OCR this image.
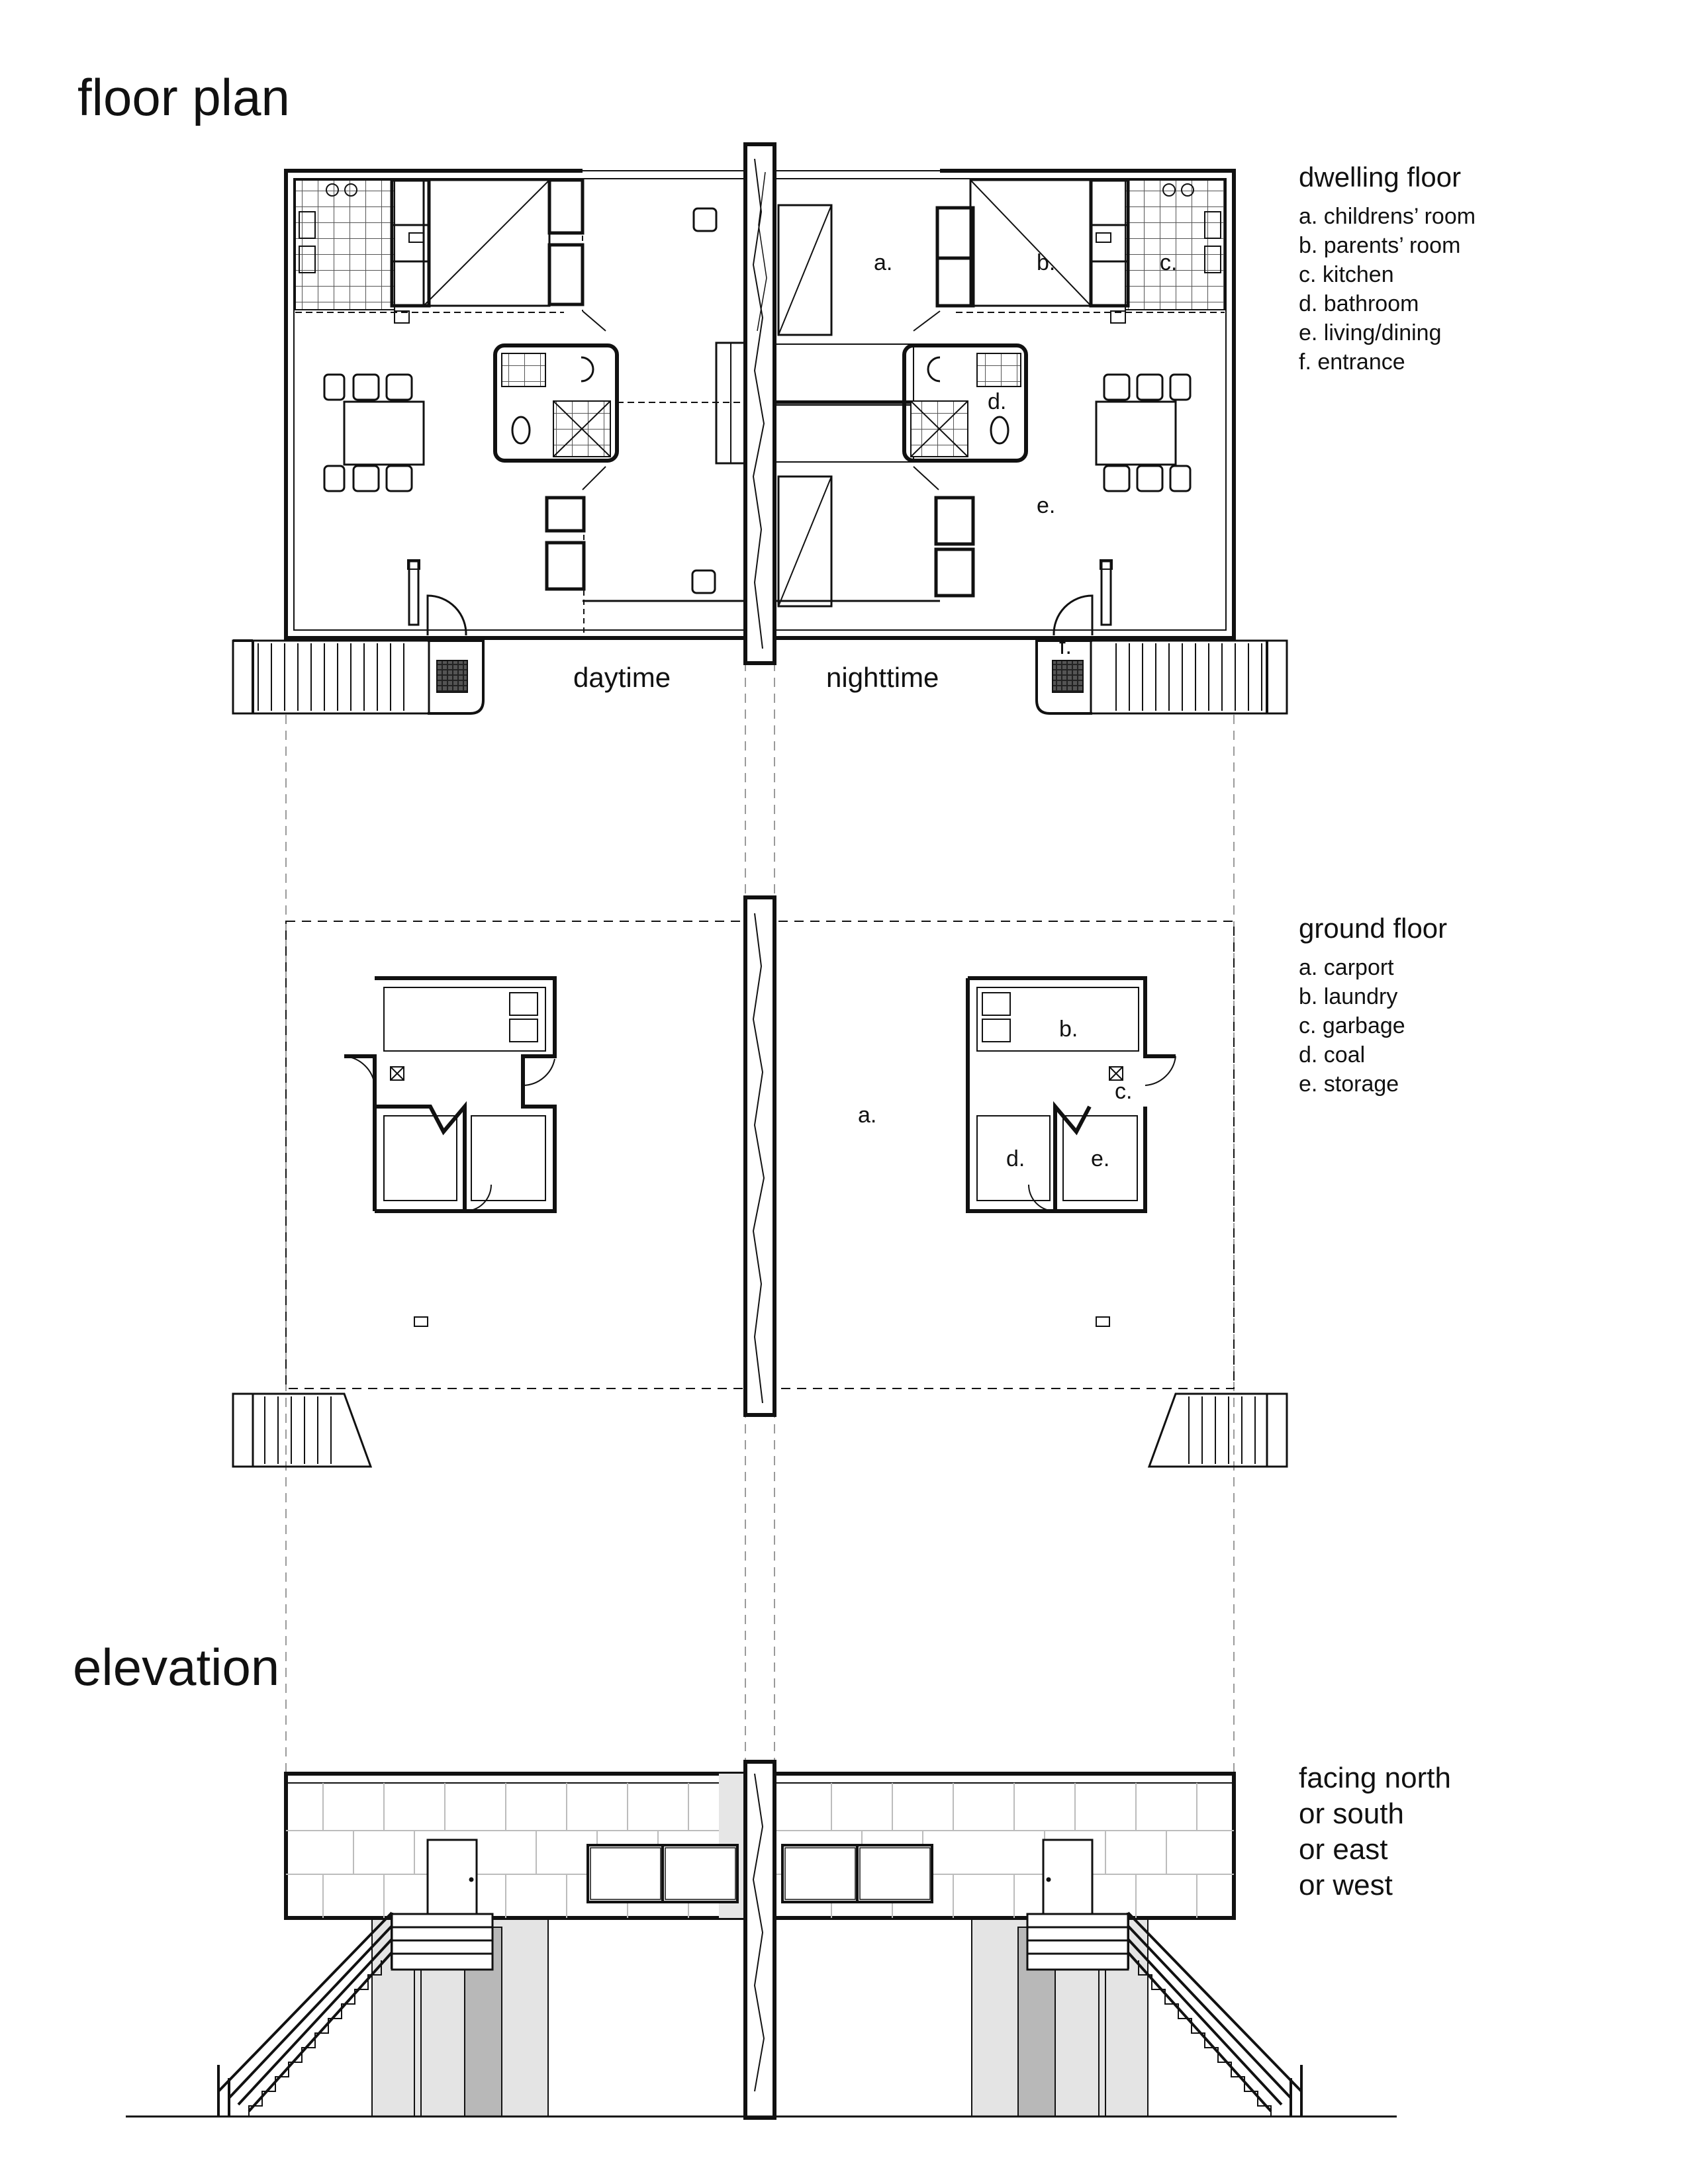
floor plan
elevation
dwelling floor
a. childrens’ room
b. parents’ room
c. kitchen
d. bathroom
e. living/dining
f. entrance
ground floor
a. carport
b. laundry
c. garbage
d. coal
e. storage
facing north
or south
or east
or west
daytime	nighttime
a.	b.	c.
d.
e.
f.
a.
b.
c.
d.	e.
